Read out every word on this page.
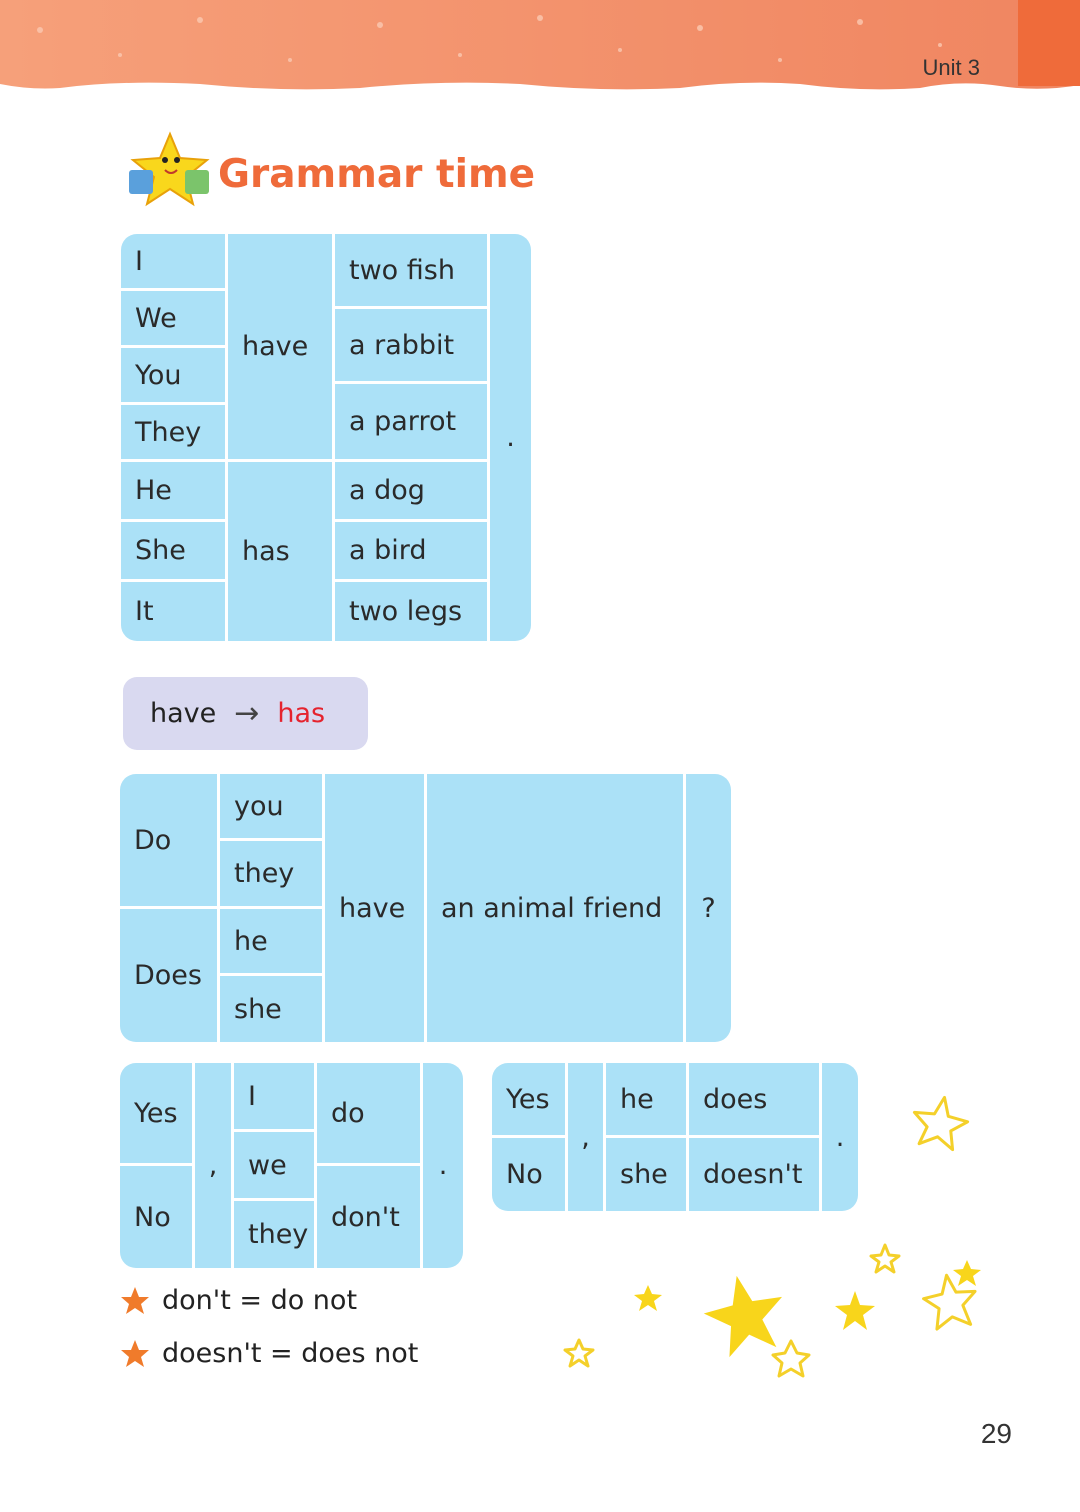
Unit 3
Grammar time
I
We
You
They
He
She
It
have
has
two fish
a rabbit
a parrot
a dog
a bird
two legs
.
have → has
Do
Does
you
they
he
she
have	an animal friend	?
Yes
No
,
I
we
they
do
don't
.
Yes
No
,
he
she
does
doesn't
.
don't = do not
doesn't = does not
29
